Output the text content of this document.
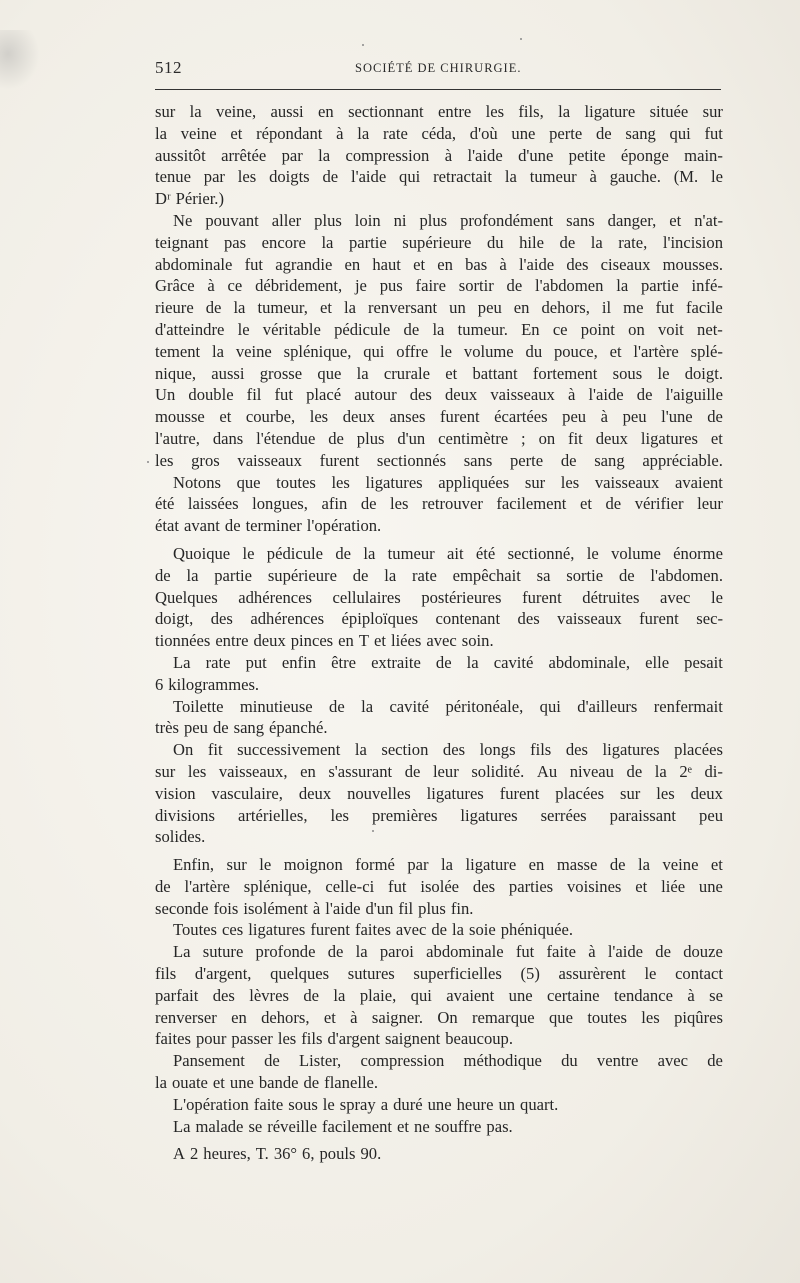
512	SOCIÉTÉ DE CHIRURGIE.
sur la veine, aussi en sectionnant entre les fils, la ligature située sur
la veine et répondant à la rate céda, d'où une perte de sang qui fut
aussitôt arrêtée par la compression à l'aide d'une petite éponge main-
tenue par les doigts de l'aide qui retractait la tumeur à gauche. (M. le
Dʳ Périer.)
Ne pouvant aller plus loin ni plus profondément sans danger, et n'at-
teignant pas encore la partie supérieure du hile de la rate, l'incision
abdominale fut agrandie en haut et en bas à l'aide des ciseaux mousses.
Grâce à ce débridement, je pus faire sortir de l'abdomen la partie infé-
rieure de la tumeur, et la renversant un peu en dehors, il me fut facile
d'atteindre le véritable pédicule de la tumeur. En ce point on voit net-
tement la veine splénique, qui offre le volume du pouce, et l'artère splé-
nique, aussi grosse que la crurale et battant fortement sous le doigt.
Un double fil fut placé autour des deux vaisseaux à l'aide de l'aiguille
mousse et courbe, les deux anses furent écartées peu à peu l'une de
l'autre, dans l'étendue de plus d'un centimètre ; on fit deux ligatures et
les gros vaisseaux furent sectionnés sans perte de sang appréciable.
Notons que toutes les ligatures appliquées sur les vaisseaux avaient
été laissées longues, afin de les retrouver facilement et de vérifier leur
état avant de terminer l'opération.
Quoique le pédicule de la tumeur ait été sectionné, le volume énorme
de la partie supérieure de la rate empêchait sa sortie de l'abdomen.
Quelques adhérences cellulaires postérieures furent détruites avec le
doigt, des adhérences épiploïques contenant des vaisseaux furent sec-
tionnées entre deux pinces en T et liées avec soin.
La rate put enfin être extraite de la cavité abdominale, elle pesait
6 kilogrammes.
Toilette minutieuse de la cavité péritonéale, qui d'ailleurs renfermait
très peu de sang épanché.
On fit successivement la section des longs fils des ligatures placées
sur les vaisseaux, en s'assurant de leur solidité. Au niveau de la 2ᵉ di-
vision vasculaire, deux nouvelles ligatures furent placées sur les deux
divisions artérielles, les premières ligatures serrées paraissant peu
solides.
Enfin, sur le moignon formé par la ligature en masse de la veine et
de l'artère splénique, celle-ci fut isolée des parties voisines et liée une
seconde fois isolément à l'aide d'un fil plus fin.
Toutes ces ligatures furent faites avec de la soie phéniquée.
La suture profonde de la paroi abdominale fut faite à l'aide de douze
fils d'argent, quelques sutures superficielles (5) assurèrent le contact
parfait des lèvres de la plaie, qui avaient une certaine tendance à se
renverser en dehors, et à saigner. On remarque que toutes les piqûres
faites pour passer les fils d'argent saignent beaucoup.
Pansement de Lister, compression méthodique du ventre avec de
la ouate et une bande de flanelle.
L'opération faite sous le spray a duré une heure un quart.
La malade se réveille facilement et ne souffre pas.
A 2 heures, T. 36° 6, pouls 90.
